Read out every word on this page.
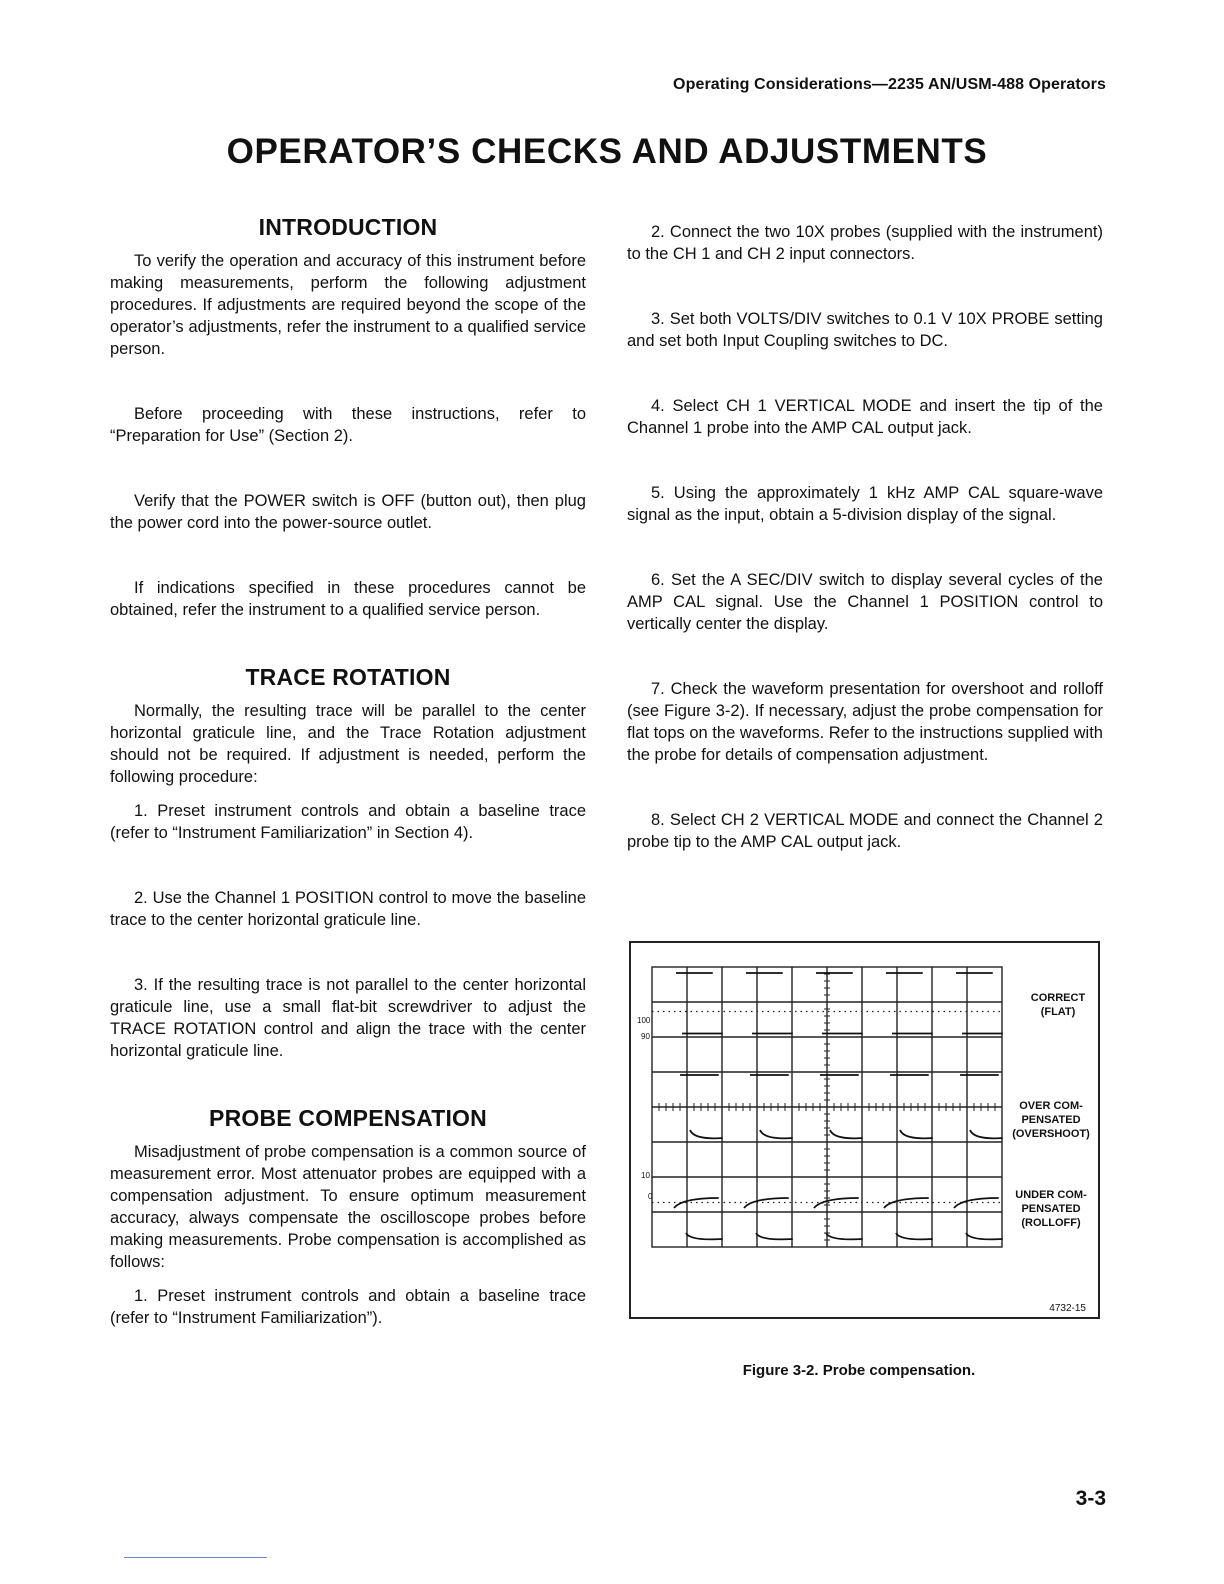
Operating Considerations—2235 AN/USM-488 Operators
OPERATOR’S CHECKS AND ADJUSTMENTS
INTRODUCTION

To verify the operation and accuracy of this instrument before making measurements, perform the following adjustment procedures. If adjustments are required beyond the scope of the operator’s adjustments, refer the instrument to a qualified service person.

Before proceeding with these instructions, refer to “Preparation for Use” (Section 2).

Verify that the POWER switch is OFF (button out), then plug the power cord into the power-source outlet.

If indications specified in these procedures cannot be obtained, refer the instrument to a qualified service person.

TRACE ROTATION

Normally, the resulting trace will be parallel to the center horizontal graticule line, and the Trace Rotation adjustment should not be required. If adjustment is needed, perform the following procedure:

1. Preset instrument controls and obtain a baseline trace (refer to “Instrument Familiarization” in Section 4).

2. Use the Channel 1 POSITION control to move the baseline trace to the center horizontal graticule line.

3. If the resulting trace is not parallel to the center horizontal graticule line, use a small flat-bit screwdriver to adjust the TRACE ROTATION control and align the trace with the center horizontal graticule line.

PROBE COMPENSATION

Misadjustment of probe compensation is a common source of measurement error. Most attenuator probes are equipped with a compensation adjustment. To ensure optimum measurement accuracy, always compensate the oscilloscope probes before making measurements. Probe compensation is accomplished as follows:

1. Preset instrument controls and obtain a baseline trace (refer to “Instrument Familiarization”).

2. Connect the two 10X probes (supplied with the instrument) to the CH 1 and CH 2 input connectors.

3. Set both VOLTS/DIV switches to 0.1 V 10X PROBE setting and set both Input Coupling switches to DC.

4. Select CH 1 VERTICAL MODE and insert the tip of the Channel 1 probe into the AMP CAL output jack.

5. Using the approximately 1 kHz AMP CAL square-wave signal as the input, obtain a 5-division display of the signal.

6. Set the A SEC/DIV switch to display several cycles of the AMP CAL signal. Use the Channel 1 POSITION control to vertically center the display.

7. Check the waveform presentation for overshoot and rolloff (see Figure 3-2). If necessary, adjust the probe compensation for flat tops on the waveforms. Refer to the instructions supplied with the probe for details of compensation adjustment.

8. Select CH 2 VERTICAL MODE and connect the Channel 2 probe tip to the AMP CAL output jack.

100
90
10
0
CORRECT
(FLAT)
OVER COM-
PENSATED
(OVERSHOOT)
UNDER COM-
PENSATED
(ROLLOFF)
4732-15
Figure 3-2. Probe compensation.
3-3
